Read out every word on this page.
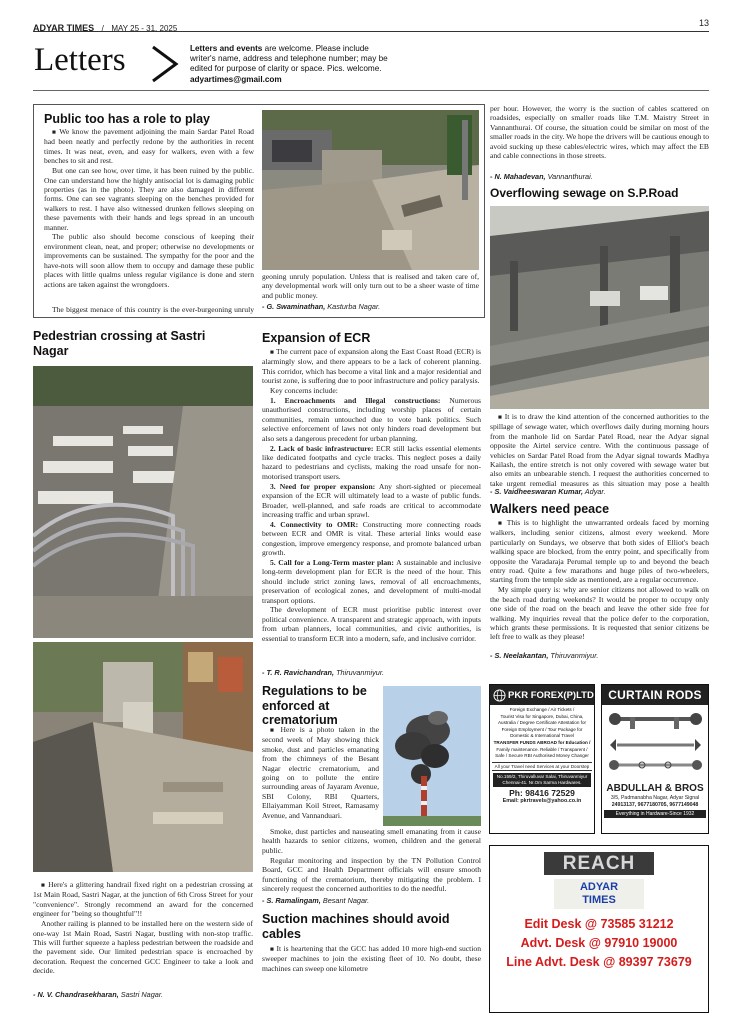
ADYAR TIMES / MAY 25 - 31, 2025
13
Letters	Letters and events are welcome. Please include writer's name, address and telephone number; may be edited for purpose of clarity or space. Pics. welcome. adyartimes@gmail.com
Public too has a role to play

■ We know the pavement adjoining the main Sardar Patel Road had been neatly and perfectly redone by the authorities in recent times. It was neat, even, and easy for walkers, even with a few benches to sit and rest.

But one can see how, over time, it has been ruined by the public. One can understand how the highly antisocial lot is damaging public properties (as in the photo). They are also damaged in different forms. One can see vagrants sleeping on the benches provided for walkers to rest. I have also witnessed drunken fellows sleeping on these pavements with their hands and legs spread in an uncouth manner.

The public also should become conscious of keeping their environment clean, neat, and proper; otherwise no developments or improvements can be sustained. The sympathy for the poor and the have-nots will soon allow them to occupy and damage these public places with little qualms unless regular vigilance is done and stern actions are taken against the wrongdoers.

The biggest menace of this country is the ever-burgeoning unruly

geoning unruly population. Unless that is realised and taken care of, any developmental work will only turn out to be a sheer waste of time and public money.

- G. Swaminathan, Kasturba Nagar.

per hour. However, the worry is the suction of cables scattered on roadsides, especially on smaller roads like T.M. Maistry Street in Vannanthurai. Of course, the situation could be similar on most of the smaller roads in the city. We hope the drivers will be cautious enough to avoid sucking up these cables/electric wires, which may affect the EB and cable connections in those streets.

- N. Mahadevan, Vannanthurai.
Overflowing sewage on S.P.Road

■ It is to draw the kind attention of the concerned authorities to the spillage of sewage water, which overflows daily during morning hours from the manhole lid on Sardar Patel Road, near the Adyar signal opposite the Airtel service centre. With the continuous passage of vehicles on Sardar Patel Road from the Adyar signal towards Madhya Kailash, the entire stretch is not only covered with sewage water but also emits an unbearable stench. I request the authorities concerned to take urgent remedial measures as this situation may pose a health

- S. Vaidheeswaran Kumar, Adyar.
Walkers need peace

■ This is to highlight the unwarranted ordeals faced by morning walkers, including senior citizens, almost every weekend. More particularly on Sundays, we observe that both sides of Elliot's beach walking space are blocked, from the entry point, and specifically from opposite the Varadaraja Perumal temple up to and beyond the beach entry road. Quite a few marathons and huge piles of two-wheelers, starting from the temple side as mentioned, are a regular occurrence.

My simple query is: why are senior citizens not allowed to walk on the beach road during weekends? It would be proper to occupy only one side of the road on the beach and leave the other side free for walking. My inquiries reveal that the police defer to the corporation, which grants these permissions. It is requested that senior citizens be left free to walk as they please!

- S. Neelakantan, Thiruvanmiyur.
Pedestrian crossing at Sastri Nagar

■ Here's a glittering handrail fixed right on a pedestrian crossing at 1st Main Road, Sastri Nagar, at the junction of 6th Cross Street for your "convenience". Strongly recommend an award for the concerned engineer for "being so thoughtful"!!

Another railing is planned to be installed here on the western side of one-way 1st Main Road, Sastri Nagar, bustling with non-stop traffic. This will further squeeze a hapless pedestrian between the roadside and the pavement side. Our limited pedestrian space is encroached by decoration. Request the concerned GCC Engineer to take a look and decide.

- N. V. Chandrasekharan, Sastri Nagar.
Expansion of ECR

■ The current pace of expansion along the East Coast Road (ECR) is alarmingly slow, and there appears to be a lack of coherent planning. This corridor, which has become a vital link and a major residential and tourist zone, is suffering due to poor infrastructure and policy paralysis.

Key concerns include:

1. Encroachments and Illegal constructions: Numerous unauthorised constructions, including worship places of certain communities, remain untouched due to vote bank politics. Such selective enforcement of laws not only hinders road development but also sets a dangerous precedent for urban planning.

2. Lack of basic infrastructure: ECR still lacks essential elements like dedicated footpaths and cycle tracks. This neglect poses a daily hazard to pedestrians and cyclists, making the road unsafe for non-motorised transport users.

3. Need for proper expansion: Any short-sighted or piecemeal expansion of the ECR will ultimately lead to a waste of public funds. Broader, well-planned, and safe roads are critical to accommodate increasing traffic and urban sprawl.

4. Connectivity to OMR: Constructing more connecting roads between ECR and OMR is vital. These arterial links would ease congestion, improve emergency response, and promote balanced urban growth.

5. Call for a Long-Term master plan: A sustainable and inclusive long-term development plan for ECR is the need of the hour. This should include strict zoning laws, removal of all encroachments, preservation of ecological zones, and development of multi-modal transport options.

The development of ECR must prioritise public interest over political convenience. A transparent and strategic approach, with inputs from urban planners, local communities, and civic authorities, is essential to transform ECR into a modern, safe, and inclusive corridor.

- T. R. Ravichandran, Thiruvanmiyur.
Regulations to be enforced at crematorium

■ Here is a photo taken in the second week of May showing thick smoke, dust and particles emanating from the chimneys of the Besant Nagar electric crematorium, and going on to pollute the entire surrounding areas of Jayaram Avenue, SBI Colony, RBI Quarters, Ellaiyamman Koil Street, Ramasamy Avenue, and Vannanduari.

Smoke, dust particles and nauseating smell emanating from it cause health hazards to senior citizens, women, children and the general public.

Regular monitoring and inspection by the TN Pollution Control Board, GCC and Health Department officials will ensure smooth functioning of the crematorium, thereby mitigating the problem. I sincerely request the concerned authorities to do the needful.

- S. Ramalingam, Besant Nagar.
Suction machines should avoid cables

■ It is heartening that the GCC has added 10 more high-end suction sweeper machines to join the existing fleet of 10. No doubt, these machines can sweep one kilometre

PKR FOREX(P)LTD
Foreign Exchange / Air Tickets /
Tourist Visa for Singapore, Dubai, China,
Australia / Degree Certificate Attestation for
Foreign Employment / Tour Package for
Domestic & International Travel
TRANSFER FUNDS ABROAD for Education /
Family maintenance. Reliable / Transparent /
Safe / Secure RBI Authorised Money Changer
All your Travel need Services at your Doorstep
No.159/2, Thiruvalluvar Salai, Thiruvanmiyur
Chennai-41. Nr.Om Sarma Hardwares.
Ph: 98416 72529
Email: pkrtravels@yahoo.co.in
CURTAIN RODS
ABDULLAH & BROS
3/5, Padmanabha Nagar, Adyar Signal
24913137, 9677180705, 9677149048
Everything in Hardware-Since 1932
REACH
ADYAR
TIMES
Edit Desk @ 73585 31212
Advt. Desk @ 97910 19000
Line Advt. Desk @ 89397 73679
